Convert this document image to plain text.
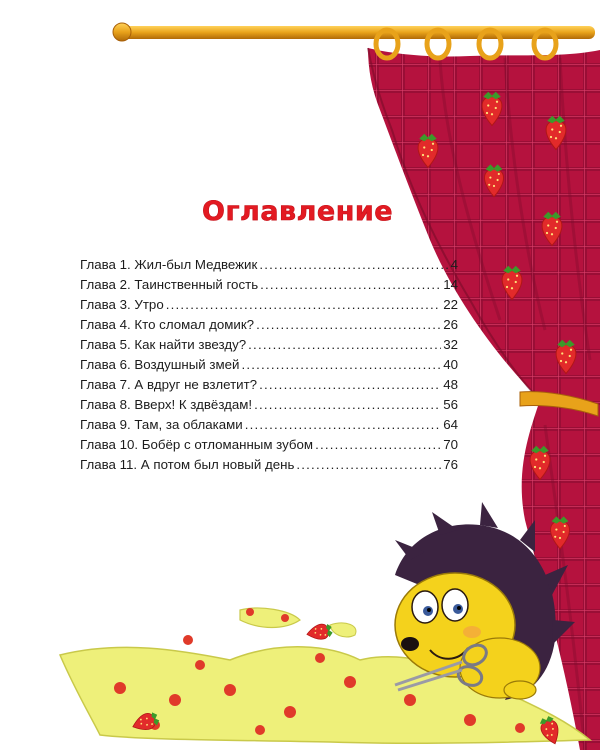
Оглавление
Глава 1. Жил-был Медвежик .....	4
Глава 2. Таинственный гость .....	14
Глава 3. Утро .....	22
Глава 4. Кто сломал домик? .....	26
Глава 5. Как найти звезду? .....	32
Глава 6. Воздушный змей .....	40
Глава 7. А вдруг не взлетит? .....	48
Глава 8. Вверх! К здвёздам! .....	56
Глава 9. Там, за облаками .....	64
Глава 10. Бобёр с отломанным зубом .....	70
Глава 11. А потом был новый день .....	76
